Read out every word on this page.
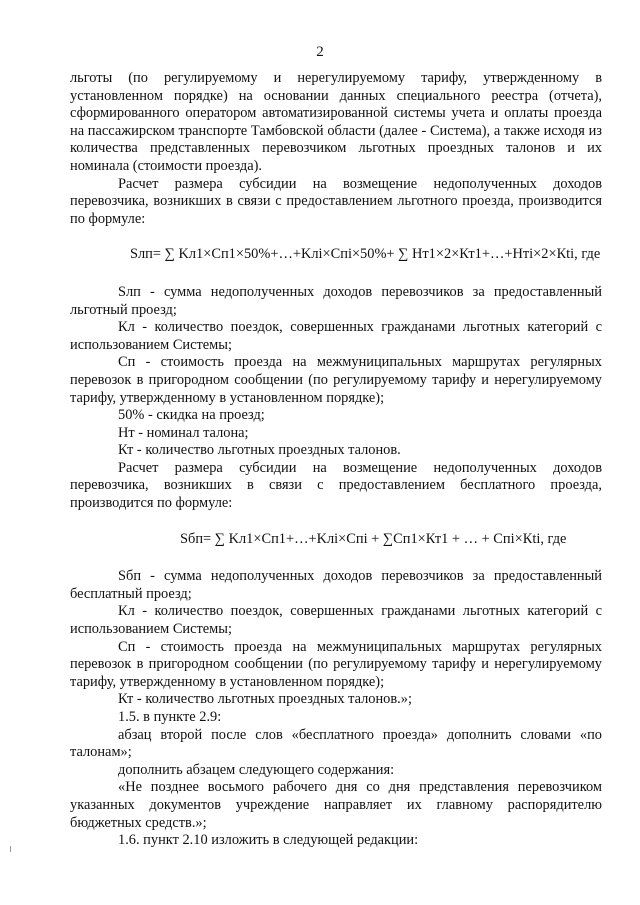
2

льготы (по регулируемому и нерегулируемому тарифу, утвержденному в установленном порядке) на основании данных специального реестра (отчета), сформированного оператором автоматизированной системы учета и оплаты проезда на пассажирском транспорте Тамбовской области (далее - Система), а также исходя из количества представленных перевозчиком льготных проездных талонов и их номинала (стоимости проезда).

Расчет размера субсидии на возмещение недополученных доходов перевозчика, возникших в связи с предоставлением льготного проезда, производится по формуле:

Sлп= ∑ Kл1×Cп1×50%+…+Kлi×Cпi×50%+ ∑ Нт1×2×Кт1+…+Нтi×2×Кti, где

Sлп - сумма недополученных доходов перевозчиков за предоставленный льготный проезд;

Кл - количество поездок, совершенных гражданами льготных категорий с использованием Системы;

Сп - стоимость проезда на межмуниципальных маршрутах регулярных перевозок в пригородном сообщении (по регулируемому тарифу и нерегулируемому тарифу, утвержденному в установленном порядке);

50% - скидка на проезд;

Нт - номинал талона;

Кт - количество льготных проездных талонов.

Расчет размера субсидии на возмещение недополученных доходов перевозчика, возникших в связи с предоставлением бесплатного проезда, производится по формуле:

Sбп= ∑ Kл1×Cп1+…+Kлi×Cпi + ∑Cп1×Кт1 + … + Cпi×Кti, где

Sбп - сумма недополученных доходов перевозчиков за предоставленный бесплатный проезд;

Кл - количество поездок, совершенных гражданами льготных категорий с использованием Системы;

Сп - стоимость проезда на межмуниципальных маршрутах регулярных перевозок в пригородном сообщении (по регулируемому тарифу и нерегулируемому тарифу, утвержденному в установленном порядке);

Кт - количество льготных проездных талонов.»;

1.5. в пункте 2.9:

абзац второй после слов «бесплатного проезда» дополнить словами «по талонам»;

дополнить абзацем следующего содержания:

«Не позднее восьмого рабочего дня со дня представления перевозчиком указанных документов учреждение направляет их главному распорядителю бюджетных средств.»;

1.6. пункт 2.10 изложить в следующей редакции:
